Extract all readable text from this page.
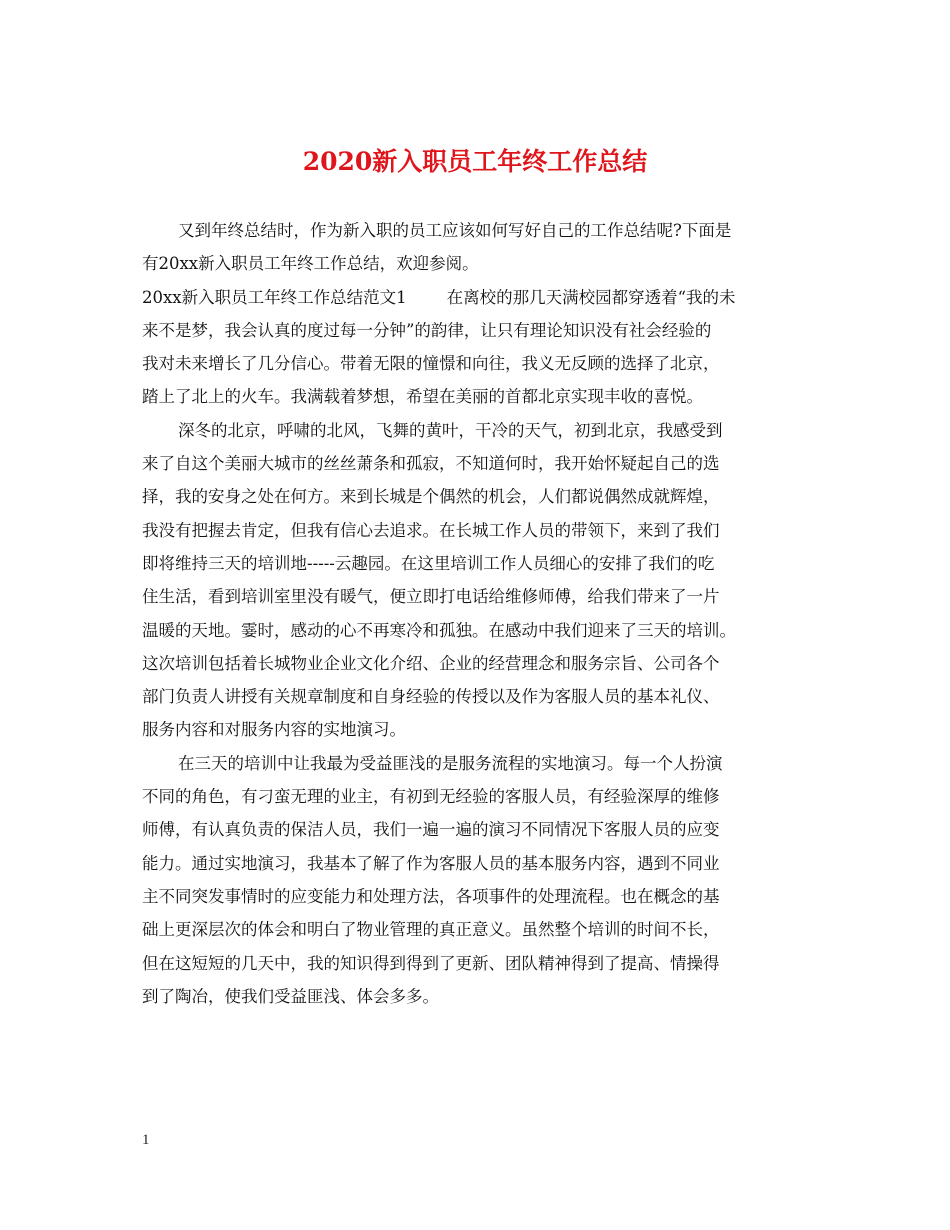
2020新入职员工年终工作总结
又到年终总结时，作为新入职的员工应该如何写好自己的工作总结呢?下面是
有20xx新入职员工年终工作总结，欢迎参阅。
20xx新入职员工年终工作总结范文1 在离校的那几天满校园都穿透着“我的未
来不是梦，我会认真的度过每一分钟”的韵律，让只有理论知识没有社会经验的
我对未来增长了几分信心。带着无限的憧憬和向往，我义无反顾的选择了北京，
踏上了北上的火车。我满载着梦想，希望在美丽的首都北京实现丰收的喜悦。
深冬的北京，呼啸的北风，飞舞的黄叶，干冷的天气，初到北京，我感受到
来了自这个美丽大城市的丝丝萧条和孤寂，不知道何时，我开始怀疑起自己的选
择，我的安身之处在何方。来到长城是个偶然的机会，人们都说偶然成就辉煌，
我没有把握去肯定，但我有信心去追求。在长城工作人员的带领下，来到了我们
即将维持三天的培训地-----云趣园。在这里培训工作人员细心的安排了我们的吃
住生活，看到培训室里没有暖气，便立即打电话给维修师傅，给我们带来了一片
温暖的天地。霎时，感动的心不再寒冷和孤独。在感动中我们迎来了三天的培训。
这次培训包括着长城物业企业文化介绍、企业的经营理念和服务宗旨、公司各个
部门负责人讲授有关规章制度和自身经验的传授以及作为客服人员的基本礼仪、
服务内容和对服务内容的实地演习。
在三天的培训中让我最为受益匪浅的是服务流程的实地演习。每一个人扮演
不同的角色，有刁蛮无理的业主，有初到无经验的客服人员，有经验深厚的维修
师傅，有认真负责的保洁人员，我们一遍一遍的演习不同情况下客服人员的应变
能力。通过实地演习，我基本了解了作为客服人员的基本服务内容，遇到不同业
主不同突发事情时的应变能力和处理方法，各项事件的处理流程。也在概念的基
础上更深层次的体会和明白了物业管理的真正意义。虽然整个培训的时间不长，
但在这短短的几天中，我的知识得到得到了更新、团队精神得到了提高、情操得
到了陶冶，使我们受益匪浅、体会多多。
1
